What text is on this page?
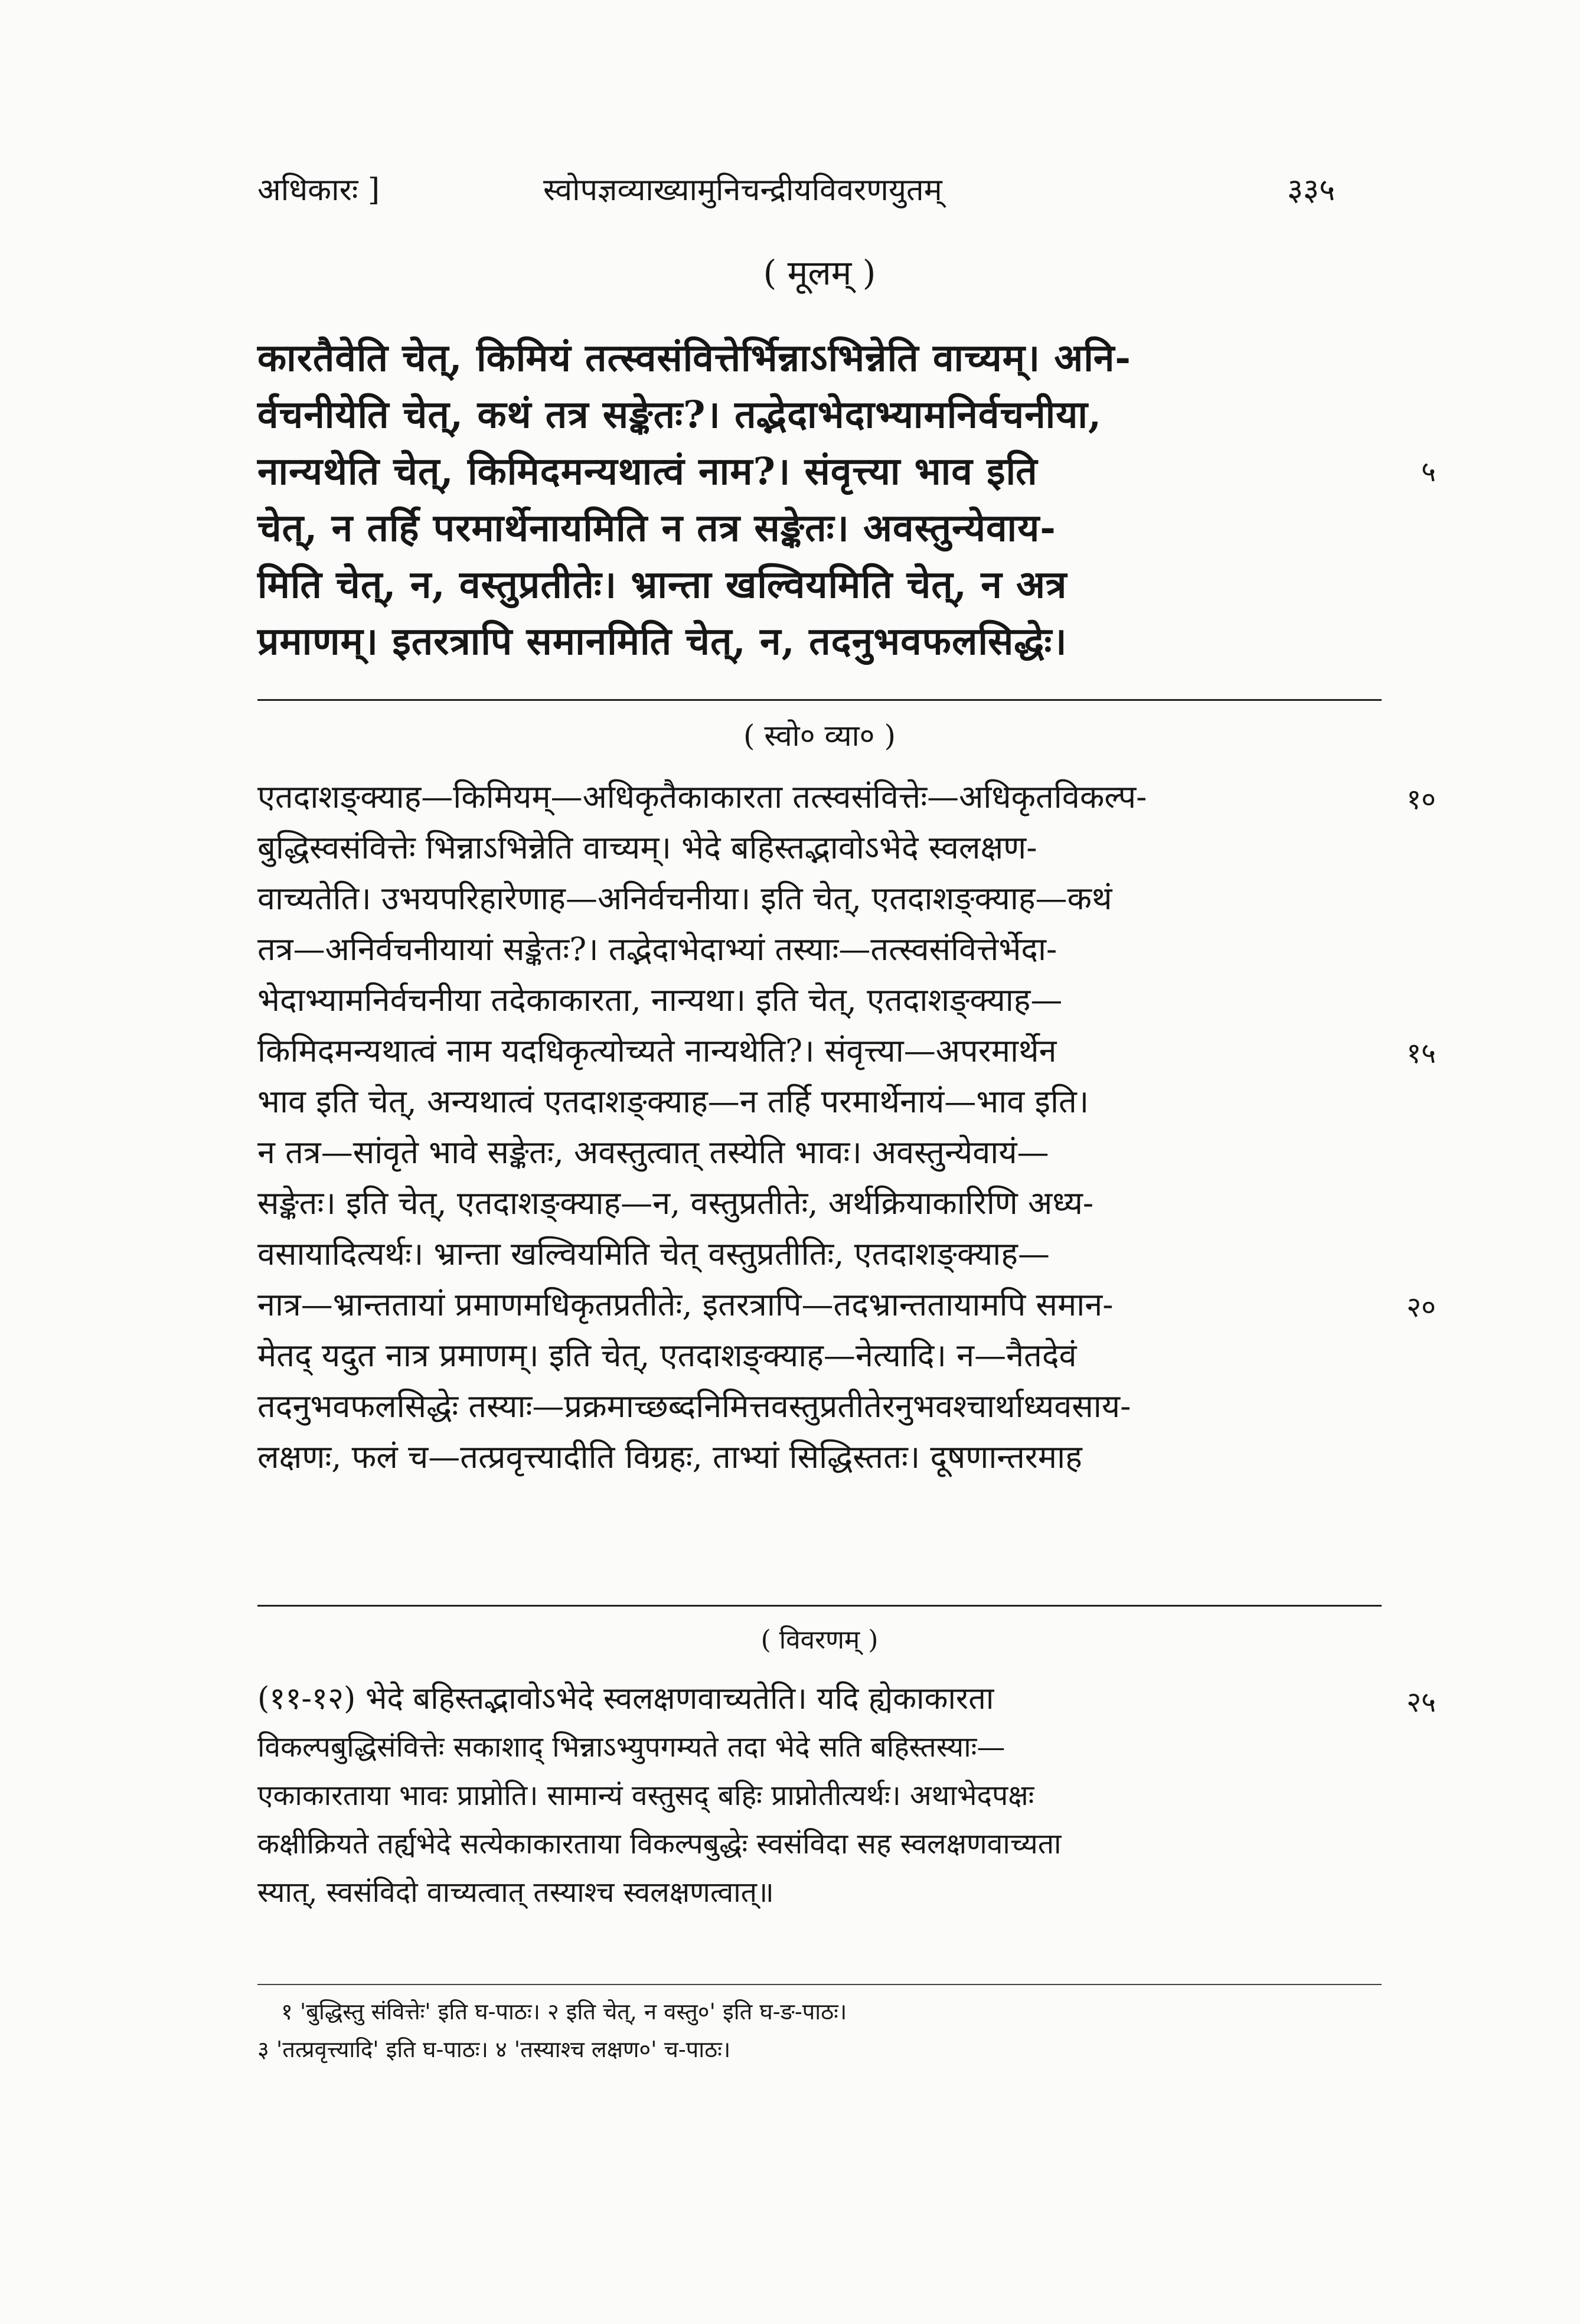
अधिकारः ]	स्वोपज्ञव्याख्यामुनिचन्द्रीयविवरणयुतम्	३३५
( मूलम् )
कारतैवेति चेत्, किमियं तत्स्वसंवित्तेर्भिन्नाऽभिन्नेति वाच्यम्। अनि-
र्वचनीयेति चेत्, कथं तत्र सङ्केतः?। तद्भेदाभेदाभ्यामनिर्वचनीया,
नान्यथेति चेत्, किमिदमन्यथात्वं नाम?। संवृत्त्या भाव इति	५
चेत्, न तर्हि परमार्थेनायमिति न तत्र सङ्केतः। अवस्तुन्येवाय-
मिति चेत्, न, वस्तुप्रतीतेः। भ्रान्ता खल्वियमिति चेत्, न अत्र
प्रमाणम्। इतरत्रापि समानमिति चेत्, न, तदनुभवफलसिद्धेः।
( स्वो० व्या० )
एतदाशङ्क्याह—किमियम्—अधिकृतैकाकारता तत्स्वसंवित्तेः—अधिकृतविकल्प-	१०
बुद्धिस्वसंवित्तेः भिन्नाऽभिन्नेति वाच्यम्। भेदे बहिस्तद्भावोऽभेदे स्वलक्षण-
वाच्यतेति। उभयपरिहारेणाह—अनिर्वचनीया। इति चेत्, एतदाशङ्क्याह—कथं
तत्र—अनिर्वचनीयायां सङ्केतः?। तद्भेदाभेदाभ्यां तस्याः—तत्स्वसंवित्तेर्भेदा-
भेदाभ्यामनिर्वचनीया तदेकाकारता, नान्यथा। इति चेत्, एतदाशङ्क्याह—
किमिदमन्यथात्वं नाम यदधिकृत्योच्यते नान्यथेति?। संवृत्त्या—अपरमार्थेन	१५
भाव इति चेत्, अन्यथात्वं एतदाशङ्क्याह—न तर्हि परमार्थेनायं—भाव इति।
न तत्र—सांवृते भावे सङ्केतः, अवस्तुत्वात् तस्येति भावः। अवस्तुन्येवायं—
सङ्केतः। इति चेत्, एतदाशङ्क्याह—न, वस्तुप्रतीतेः, अर्थक्रियाकारिणि अध्य-
वसायादित्यर्थः। भ्रान्ता खल्वियमिति चेत् वस्तुप्रतीतिः, एतदाशङ्क्याह—
नात्र—भ्रान्ततायां प्रमाणमधिकृतप्रतीतेः, इतरत्रापि—तदभ्रान्ततायामपि समान-	२०
मेतद् यदुत नात्र प्रमाणम्। इति चेत्, एतदाशङ्क्याह—नेत्यादि। न—नैतदेवं
तदनुभवफलसिद्धेः तस्याः—प्रक्रमाच्छब्दनिमित्तवस्तुप्रतीतेरनुभवश्चार्थाध्यवसाय-
लक्षणः, फलं च—तत्प्रवृत्त्यादीति विग्रहः, ताभ्यां सिद्धिस्ततः। दूषणान्तरमाह
( विवरणम् )
(११-१२) भेदे बहिस्तद्भावोऽभेदे स्वलक्षणवाच्यतेति। यदि ह्येकाकारता	२५
विकल्पबुद्धिसंवित्तेः सकाशाद् भिन्नाऽभ्युपगम्यते तदा भेदे सति बहिस्तस्याः—
एकाकारताया भावः प्राप्नोति। सामान्यं वस्तुसद् बहिः प्राप्नोतीत्यर्थः। अथाभेदपक्षः
कक्षीक्रियते तर्ह्यभेदे सत्येकाकारताया विकल्पबुद्धेः स्वसंविदा सह स्वलक्षणवाच्यता
स्यात्, स्वसंविदो वाच्यत्वात् तस्याश्च स्वलक्षणत्वात्॥
१ 'बुद्धिस्तु संवित्तेः' इति घ-पाठः। २ इति चेत्, न वस्तु०' इति घ-ङ-पाठः।
३ 'तत्प्रवृत्त्यादि' इति घ-पाठः। ४ 'तस्याश्च लक्षण०' च-पाठः।
